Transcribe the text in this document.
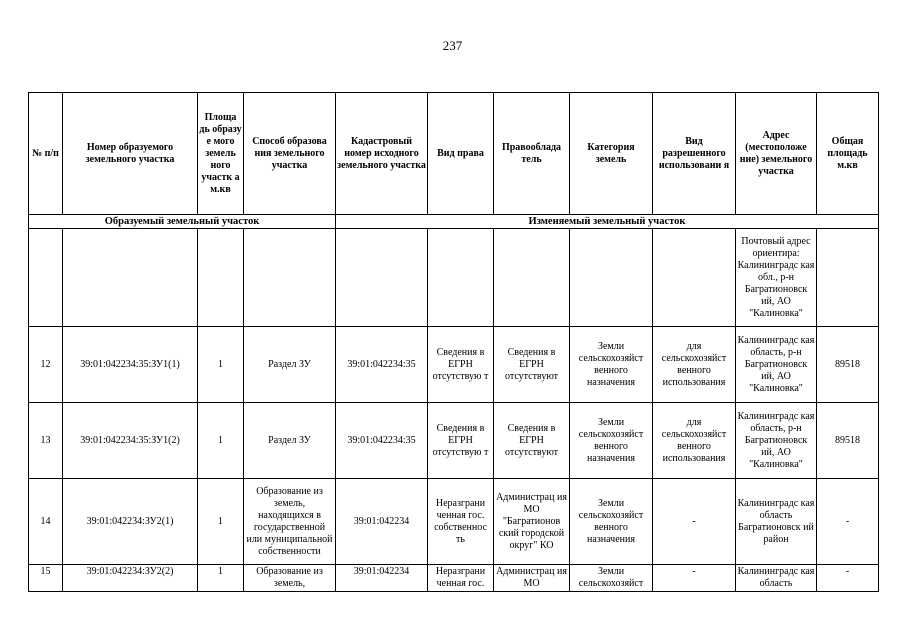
237
№ п/п	Номер образуемого земельного участка	Площа дь образу е мого земель ного участк а м.кв	Способ образова ния земельного участка	Кадастровый номер исходного земельного участка	Вид права	Правооблада тель	Категория земель	Вид разрешенного использовани я	Адрес (местоположе ние) земельного участка	Общая площадь м.кв
Образуемый земельный участок				Изменяемый земельный участок						
									Почтовый адрес ориентира: Калининградс кая обл., р-н Багратионовск ий, АО "Калиновка"	
12	39:01:042234:35:ЗУ1(1)	1	Раздел ЗУ	39:01:042234:35	Сведения в ЕГРН отсутствую т	Сведения в ЕГРН отсутствуют	Земли сельскохозяйст венного назначения	для сельскохозяйст венного использования	Калининградс кая область, р-н Багратионовск ий, АО "Калиновка"	89518
13	39:01:042234:35:ЗУ1(2)	1	Раздел ЗУ	39:01:042234:35	Сведения в ЕГРН отсутствую т	Сведения в ЕГРН отсутствуют	Земли сельскохозяйст венного назначения	для сельскохозяйст венного использования	Калининградс кая область, р-н Багратионовск ий, АО "Калиновка"	89518
14	39:01:042234:ЗУ2(1)	1	Образование из земель, находящихся в государственной или муниципальной собственности	39:01:042234	Неразграни ченная гос. собственнос ть	Администрац ия МО "Багратионов ский городской округ" КО	Земли сельскохозяйст венного назначения	-	Калининградс кая область Багратионовск ий район	-
15	39:01:042234:ЗУ2(2)	1	Образование из земель,	39:01:042234	Неразграни ченная гос.	Администрац ия МО	Земли сельскохозяйст	-	Калининградс кая область	-
